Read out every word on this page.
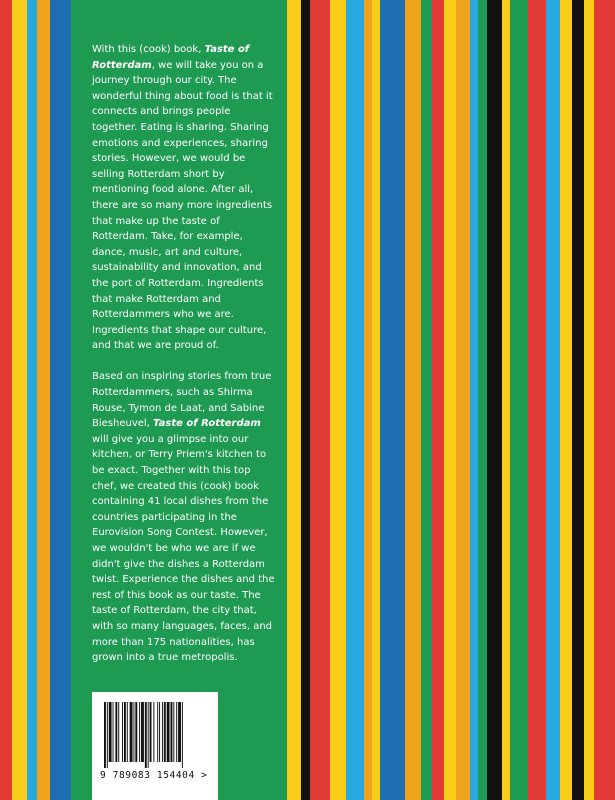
With this (cook) book, Taste of Rotterdam, we will take you on a journey through our city. The wonderful thing about food is that it connects and brings people together. Eating is sharing. Sharing emotions and experiences, sharing stories. However, we would be selling Rotterdam short by mentioning food alone. After all, there are so many more ingredients that make up the taste of Rotterdam. Take, for example, dance, music, art and culture, sustainability and innovation, and the port of Rotterdam. Ingredients that make Rotterdam and Rotterdammers who we are. Ingredients that shape our culture, and that we are proud of.

Based on inspiring stories from true Rotterdammers, such as Shirma Rouse, Tymon de Laat, and Sabine Biesheuvel, Taste of Rotterdam will give you a glimpse into our kitchen, or Terry Priem's kitchen to be exact. Together with this top chef, we created this (cook) book containing 41 local dishes from the countries participating in the Eurovision Song Contest. However, we wouldn't be who we are if we didn't give the dishes a Rotterdam twist. Experience the dishes and the rest of this book as our taste. The taste of Rotterdam, the city that, with so many languages, faces, and more than 175 nationalities, has grown into a true metropolis.

9 789083 154404 >
